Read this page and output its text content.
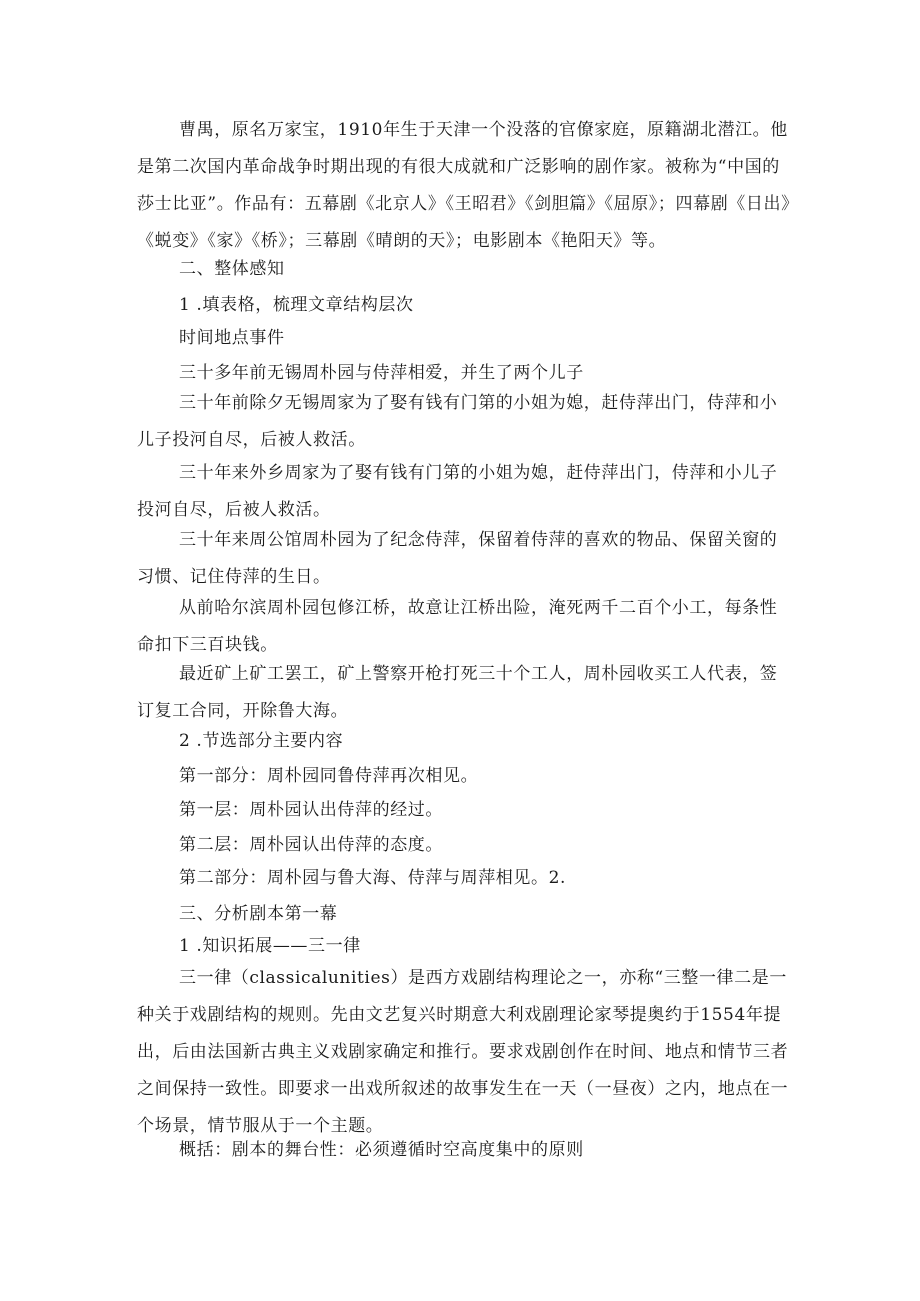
曹禺，原名万家宝，1910年生于天津一个没落的官僚家庭，原籍湖北潜江。他是第二次国内革命战争时期出现的有很大成就和广泛影响的剧作家。被称为“中国的莎士比亚”。作品有：五幕剧《北京人》《王昭君》《剑胆篇》《屈原》；四幕剧《日出》《蜕变》《家》《桥》；三幕剧《晴朗的天》；电影剧本《艳阳天》等。

二、整体感知

1 .填表格，梳理文章结构层次

时间地点事件

三十多年前无锡周朴园与侍萍相爱，并生了两个儿子

三十年前除夕无锡周家为了娶有钱有门第的小姐为媳，赶侍萍出门，侍萍和小儿子投河自尽，后被人救活。

三十年来外乡周家为了娶有钱有门第的小姐为媳，赶侍萍出门，侍萍和小儿子投河自尽，后被人救活。

三十年来周公馆周朴园为了纪念侍萍，保留着侍萍的喜欢的物品、保留关窗的习惯、记住侍萍的生日。

从前哈尔滨周朴园包修江桥，故意让江桥出险，淹死两千二百个小工，每条性命扣下三百块钱。

最近矿上矿工罢工，矿上警察开枪打死三十个工人，周朴园收买工人代表，签订复工合同，开除鲁大海。

2 .节选部分主要内容

第一部分：周朴园同鲁侍萍再次相见。

第一层：周朴园认出侍萍的经过。

第二层：周朴园认出侍萍的态度。

第二部分：周朴园与鲁大海、侍萍与周萍相见。2.

三、分析剧本第一幕

1 .知识拓展——三一律

三一律（classicalunities）是西方戏剧结构理论之一，亦称“三整一律二是一种关于戏剧结构的规则。先由文艺复兴时期意大利戏剧理论家琴提奥约于1554年提出，后由法国新古典主义戏剧家确定和推行。要求戏剧创作在时间、地点和情节三者之间保持一致性。即要求一出戏所叙述的故事发生在一天（一昼夜）之内，地点在一个场景，情节服从于一个主题。

概括：剧本的舞台性：必须遵循时空高度集中的原则
